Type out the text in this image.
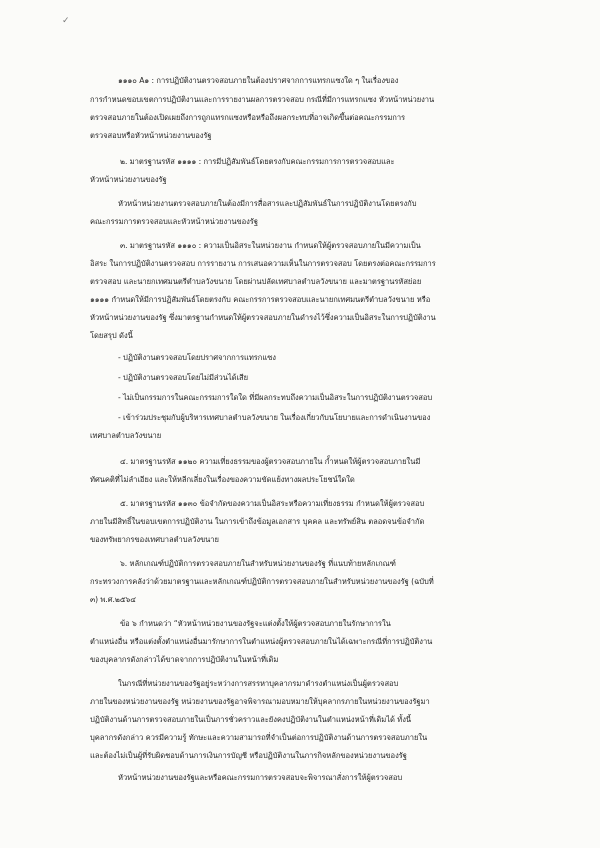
✓
๑๑๑๐ A๑ : การปฏิบัติงานตรวจสอบภายในต้องปราศจากการแทรกแซงใด ๆ ในเรื่องของ
การกำหนดขอบเขตการปฏิบัติงานและการรายงานผลการตรวจสอบ กรณีที่มีการแทรกแซง หัวหน้าหน่วยงาน
ตรวจสอบภายในต้องเปิดเผยถึงการถูกแทรกแซงหรือหรือถึงผลกระทบที่อาจเกิดขึ้นต่อคณะกรรมการ
ตรวจสอบหรือหัวหน้าหน่วยงานของรัฐ
๒. มาตรฐานรหัส ๑๑๑๑ : การมีปฏิสัมพันธ์โดยตรงกับคณะกรรมการการตรวจสอบและ
หัวหน้าหน่วยงานของรัฐ
หัวหน้าหน่วยงานตรวจสอบภายในต้องมีการสื่อสารและปฏิสัมพันธ์ในการปฏิบัติงานโดยตรงกับ
คณะกรรมการตรวจสอบและหัวหน้าหน่วยงานของรัฐ
๓. มาตรฐานรหัส ๑๑๑๐ : ความเป็นอิสระในหน่วยงาน กำหนดให้ผู้ตรวจสอบภายในมีความเป็น
อิสระ ในการปฏิบัติงานตรวจสอบ การรายงาน การเสนอความเห็นในการตรวจสอบ โดยตรงต่อคณะกรรมการ
ตรวจสอบ และนายกเทศมนตรีตำบลวังขนาย โดยผ่านปลัดเทศบาลตำบลวังขนาย และมาตรฐานรหัสย่อย
๑๑๑๑ กำหนดให้มีการปฏิสัมพันธ์โดยตรงกับ คณะกรรการตรวจสอบและนายกเทศมนตรีตำบลวังขนาย หรือ
หัวหน้าหน่วยงานของรัฐ ซึ่งมาตรฐานกำหนดให้ผู้ตรวจสอบภายในดำรงไว้ซึ่งความเป็นอิสระในการปฏิบัติงาน
โดยสรุป ดังนี้
- ปฏิบัติงานตรวจสอบโดยปราศจากการแทรกแซง
- ปฏิบัติงานตรวจสอบโดยไม่มีส่วนได้เสีย
- ไม่เป็นกรรมการในคณะกรรมการใดใด ที่มีผลกระทบถึงความเป็นอิสระในการปฏิบัติงานตรวจสอบ
- เข้าร่วมประชุมกับผู้บริหารเทศบาลตำบลวังขนาย ในเรื่องเกี่ยวกับนโยบายและการดำเนินงานของ
เทศบาลตำบลวังขนาย
๔. มาตรฐานรหัส ๑๑๒๐ ความเที่ยงธรรมของผู้ตรวจสอบภายใน ก็ำหนดให้ผู้ตรวจสอบภายในมี
ทัศนคติที่ไม่ลำเอียง และให้หลีกเลี่ยงในเรื่องของความขัดแย้งทางผลประโยชน์ใดใด
๕. มาตรฐานรหัส ๑๑๓๐ ข้อจำกัดของความเป็นอิสระหรือความเที่ยงธรรม กำหนดให้ผู้ตรวจสอบ
ภายในมีสิทธิ์ในขอบเขตการปฏิบัติงาน ในการเข้าถึงข้อมูลเอกสาร บุคคล และทรัพย์สิน ตลอดจนข้อจำกัด
ของทรัพยากรของเทศบาลตำบลวังขนาย
๖. หลักเกณฑ์ปฏิบัติการตรวจสอบภายในสำหรับหน่วยงานของรัฐ ที่แนบท้ายหลักเกณฑ์
กระทรวงการคลังว่าด้วยมาตรฐานและหลักเกณฑ์ปฏิบัติการตรวจสอบภายในสำหรับหน่วยงานของรัฐ (ฉบับที่
๓) พ.ศ.๒๕๖๔
ข้อ ๖ กำหนดว่า “หัวหน้าหน่วยงานของรัฐจะแต่งตั้งให้ผู้ตรวจสอบภายในรักษาการใน
ตำแหน่งอื่น หรือแต่งตั้งตำแหน่งอื่นมารักษาการในตำแหน่งผู้ตรวจสอบภายในได้เฉพาะกรณีที่การปฏิบัติงาน
ของบุคลากรดังกล่าวได้ขาดจากการปฏิบัติงานในหน้าที่เดิม
ในกรณีที่หน่วยงานของรัฐอยู่ระหว่างการสรรหาบุคลากรมาดำรงตำแหน่งเป็นผู้ตรวจสอบ
ภายในของหน่วยงานของรัฐ หน่วยงานของรัฐอาจพิจารณามอบหมายให้บุคลากรภายในหน่วยงานของรัฐมา
ปฏิบัติงานด้านการตรวจสอบภายในเป็นการชั่วคราวและยังคงปฏิบัติงานในตำแหน่งหน้าที่เดิมได้ ทั้งนี้
บุคลากรดังกล่าว ควรมีความรู้ ทักษะและความสามารถที่จำเป็นต่อการปฏิบัติงานด้านการตรวจสอบภายใน
และต้องไม่เป็นผู้ที่รับผิดชอบด้านการเงินการบัญชี หรือปฏิบัติงานในภารกิจหลักของหน่วยงานของรัฐ
หัวหน้าหน่วยงานของรัฐและหรือคณะกรรมการตรวจสอบจะพิจารณาสั่งการให้ผู้ตรวจสอบ
